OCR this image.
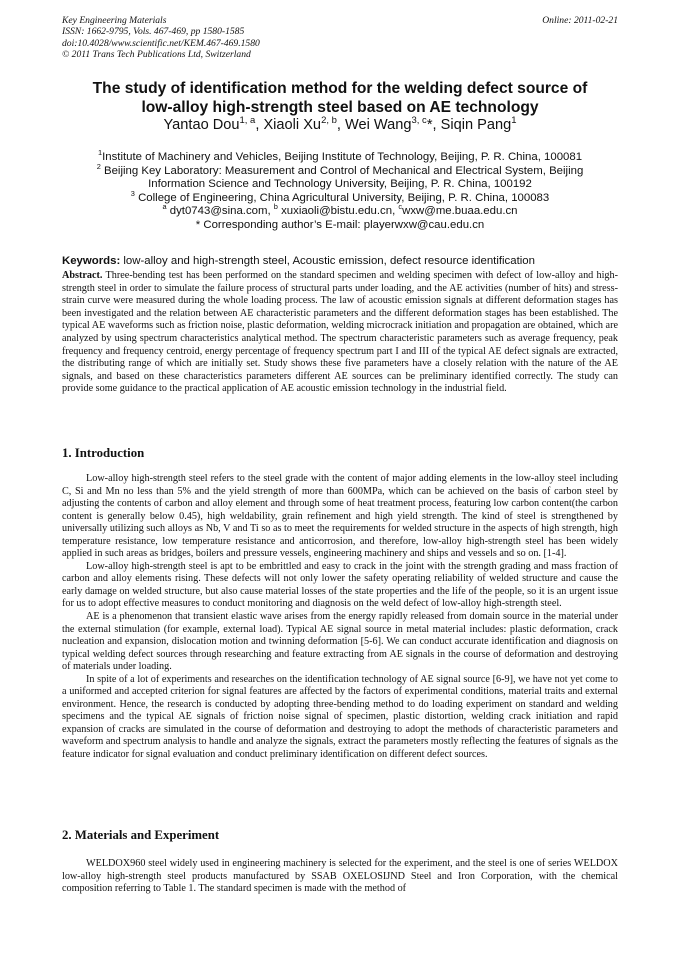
Key Engineering Materials
ISSN: 1662-9795, Vols. 467-469, pp 1580-1585
doi:10.4028/www.scientific.net/KEM.467-469.1580
© 2011 Trans Tech Publications Ltd, Switzerland
Online: 2011-02-21
The study of identification method for the welding defect source of
low-alloy high-strength steel based on AE technology
Yantao Dou$^{1, a}$, Xiaoli Xu$^{2, b}$, Wei Wang$^{3, c}$*, Siqin Pang$^1$
$^1$Institute of Machinery and Vehicles, Beijing Institute of Technology, Beijing, P. R. China, 100081
$^2$ Beijing Key Laboratory: Measurement and Control of Mechanical and Electrical System, Beijing
Information Science and Technology University, Beijing, P. R. China, 100192
$^3$ College of Engineering, China Agricultural University, Beijing, P. R. China, 100083
$^a$ dyt0743@sina.com, $^b$ xuxiaoli@bistu.edu.cn, $^c$wxw@me.buaa.edu.cn
* Corresponding author’s E-mail: playerwxw@cau.edu.cn
Keywords: low-alloy and high-strength steel, Acoustic emission, defect resource identification
Abstract. Three-bending test has been performed on the standard specimen and welding specimen with defect of low-alloy and high-strength steel in order to simulate the failure process of structural parts under loading, and the AE activities (number of hits) and stress-strain curve were measured during the whole loading process. The law of acoustic emission signals at different deformation stages has been investigated and the relation between AE characteristic parameters and the different deformation stages has been established. The typical AE waveforms such as friction noise, plastic deformation, welding microcrack initiation and propagation are obtained, which are analyzed by using spectrum characteristics analytical method. The spectrum characteristic parameters such as average frequency, peak frequency and frequency centroid, energy percentage of frequency spectrum part I and III of the typical AE defect signals are extracted, the distributing range of which are initially set. Study shows these five parameters have a closely relation with the nature of the AE signals, and based on these characteristics parameters different AE sources can be preliminary identified correctly. The study can provide some guidance to the practical application of AE acoustic emission technology in the industrial field.
1. Introduction

Low-alloy high-strength steel refers to the steel grade with the content of major adding elements in the low-alloy steel including C, Si and Mn no less than 5% and the yield strength of more than 600MPa, which can be achieved on the basis of carbon steel by adjusting the contents of carbon and alloy element and through some of heat treatment process, featuring low carbon content(the carbon content is generally below 0.45), high weldability, grain refinement and high yield strength. The kind of steel is strengthened by universally utilizing such alloys as Nb, V and Ti so as to meet the requirements for welded structure in the aspects of high strength, high temperature resistance, low temperature resistance and anticorrosion, and therefore, low-alloy high-strength steel has been widely applied in such areas as bridges, boilers and pressure vessels, engineering machinery and ships and vessels and so on. [1-4].

Low-alloy high-strength steel is apt to be embrittled and easy to crack in the joint with the strength grading and mass fraction of carbon and alloy elements rising. These defects will not only lower the safety operating reliability of welded structure and cause the early damage on welded structure, but also cause material losses of the state properties and the life of the people, so it is an urgent issue for us to adopt effective measures to conduct monitoring and diagnosis on the weld defect of low-alloy high-strength steel.

AE is a phenomenon that transient elastic wave arises from the energy rapidly released from domain source in the material under the external stimulation (for example, external load). Typical AE signal source in metal material includes: plastic deformation, crack nucleation and expansion, dislocation motion and twinning deformation [5-6]. We can conduct accurate identification and diagnosis on typical welding defect sources through researching and feature extracting from AE signals in the course of deformation and destroying of materials under loading.

In spite of a lot of experiments and researches on the identification technology of AE signal source [6-9], we have not yet come to a uniformed and accepted criterion for signal features are affected by the factors of experimental conditions, material traits and external environment. Hence, the research is conducted by adopting three-bending method to do loading experiment on standard and welding specimens and the typical AE signals of friction noise signal of specimen, plastic distortion, welding crack initiation and rapid expansion of cracks are simulated in the course of deformation and destroying to adopt the methods of characteristic parameters and waveform and spectrum analysis to handle and analyze the signals, extract the parameters mostly reflecting the features of signals as the feature indicator for signal evaluation and conduct preliminary identification on different defect sources.

2. Materials and Experiment

WELDOX960 steel widely used in engineering machinery is selected for the experiment, and the steel is one of series WELDOX low-alloy high-strength steel products manufactured by SSAB OXELOSIJND Steel and Iron Corporation, with the chemical composition referring to Table 1. The standard specimen is made with the method of
